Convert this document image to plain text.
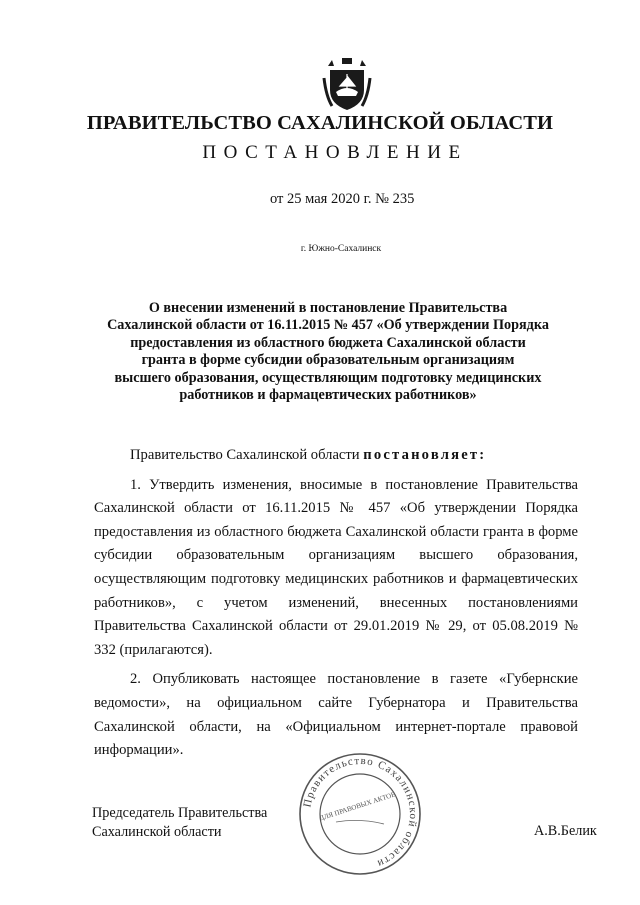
ПРАВИТЕЛЬСТВО САХАЛИНСКОЙ ОБЛАСТИ
ПОСТАНОВЛЕНИЕ
от 25 мая 2020 г. № 235
г. Южно-Сахалинск
О внесении изменений в постановление Правительства
Сахалинской области от 16.11.2015 № 457 «Об утверждении Порядка
предоставления из областного бюджета Сахалинской области
гранта в форме субсидии образовательным организациям
высшего образования, осуществляющим подготовку медицинских
работников и фармацевтических работников»

Правительство Сахалинской области постановляет:

1. Утвердить изменения, вносимые в постановление Правительства Сахалинской области от 16.11.2015 № 457 «Об утверждении Порядка предоставления из областного бюджета Сахалинской области гранта в форме субсидии образовательным организациям высшего образования, осуществляющим подготовку медицинских работников и фармацевтических работников», с учетом изменений, внесенных постановлениями Правительства Сахалинской области от 29.01.2019 № 29, от 05.08.2019 № 332 (прилагаются).

2. Опубликовать настоящее постановление в газете «Губернские ведомости», на официальном сайте Губернатора и Правительства Сахалинской области, на «Официальном интернет-портале правовой информации».

Председатель Правительства
Сахалинской области
Правительство Сахалинской области
ДЛЯ ПРАВОВЫХ АКТОВ
А.В.Белик
